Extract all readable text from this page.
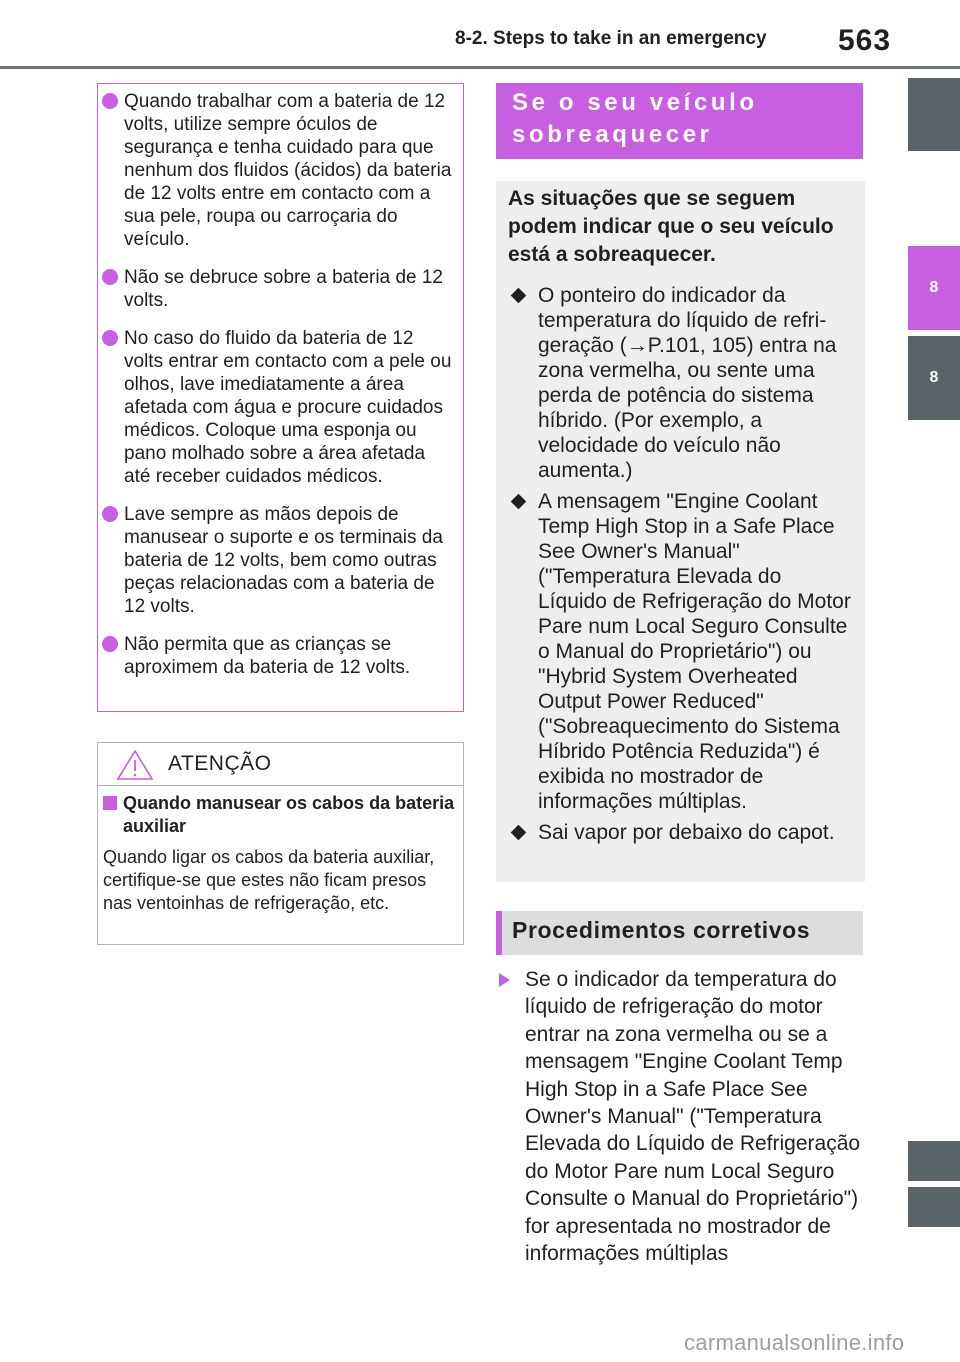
8-2. Steps to take in an emergency 563
8
8
Quando trabalhar com a bateria de 12 volts, utilize sempre óculos de segurança e tenha cuidado para que nenhum dos fluidos (ácidos) da bateria de 12 volts entre em contacto com a sua pele, roupa ou carroçaria do veículo.
Não se debruce sobre a bateria de 12 volts.
No caso do fluido da bateria de 12 volts entrar em contacto com a pele ou olhos, lave imediatamente a área afetada com água e procure cuidados médicos. Coloque uma esponja ou pano molhado sobre a área afetada até receber cuidados médicos.
Lave sempre as mãos depois de manusear o suporte e os terminais da bateria de 12 volts, bem como outras peças relacionadas com a bateria de 12 volts.
Não permita que as crianças se aproximem da bateria de 12 volts.
ATENÇÃO
Quando manusear os cabos da bateria auxiliar
Quando ligar os cabos da bateria auxiliar, certifique-se que estes não ficam presos nas ventoinhas de refrigeração, etc.
Se o seu veículo sobreaquecer
As situações que se seguem podem indicar que o seu veículo está a sobreaquecer.
O ponteiro do indicador da temperatura do líquido de refrigeração (→P.101, 105) entra na zona vermelha, ou sente uma perda de potência do sistema híbrido. (Por exemplo, a velocidade do veículo não aumenta.)
A mensagem "Engine Coolant Temp High Stop in a Safe Place See Owner's Manual" ("Temperatura Elevada do Líquido de Refrigeração do Motor Pare num Local Seguro Consulte o Manual do Proprietário") ou "Hybrid System Overheated Output Power Reduced" ("Sobreaquecimento do Sistema Híbrido Potência Reduzida") é exibida no mostrador de informações múltiplas.
Sai vapor por debaixo do capot.
Procedimentos corretivos
Se o indicador da temperatura do líquido de refrigeração do motor entrar na zona vermelha ou se a mensagem "Engine Coolant Temp High Stop in a Safe Place See Owner's Manual" ("Temperatura Elevada do Líquido de Refrigeração do Motor Pare num Local Seguro Consulte o Manual do Proprietário") for apresentada no mostrador de informações múltiplas
carmanualsonline.info
